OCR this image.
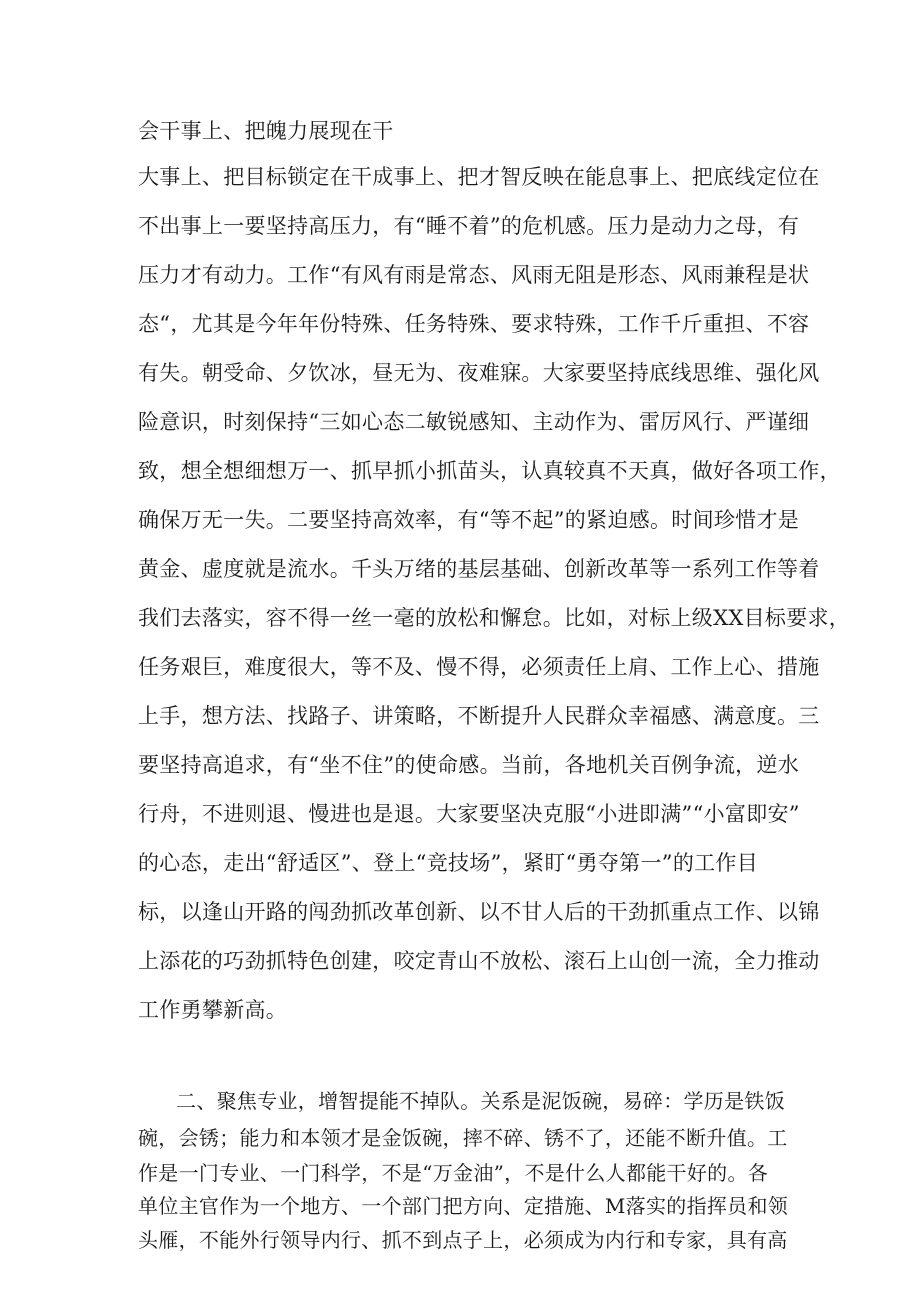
会干事上、把魄力展现在干
大事上、把目标锁定在干成事上、把才智反映在能息事上、把底线定位在
不出事上一要坚持高压力，有“睡不着”的危机感。压力是动力之母，有
压力才有动力。工作“有风有雨是常态、风雨无阻是形态、风雨兼程是状
态“，尤其是今年年份特殊、任务特殊、要求特殊，工作千斤重担、不容
有失。朝受命、夕饮冰，昼无为、夜难寐。大家要坚持底线思维、强化风
险意识，时刻保持“三如心态二敏锐感知、主动作为、雷厉风行、严谨细
致，想全想细想万一、抓早抓小抓苗头，认真较真不天真，做好各项工作，
确保万无一失。二要坚持高效率，有“等不起”的紧迫感。时间珍惜才是
黄金、虚度就是流水。千头万绪的基层基础、创新改革等一系列工作等着
我们去落实，容不得一丝一毫的放松和懈怠。比如，对标上级XX目标要求，
任务艰巨，难度很大，等不及、慢不得，必须责任上肩、工作上心、措施
上手，想方法、找路子、讲策略，不断提升人民群众幸福感、满意度。三
要坚持高追求，有“坐不住”的使命感。当前，各地机关百例争流，逆水
行舟，不进则退、慢进也是退。大家要坚决克服“小进即满”“小富即安”
的心态，走出“舒适区”、登上“竞技场”，紧盯“勇夺第一”的工作目
标，以逢山开路的闯劲抓改革创新、以不甘人后的干劲抓重点工作、以锦
上添花的巧劲抓特色创建，咬定青山不放松、滚石上山创一流，全力推动
工作勇攀新高。
二、聚焦专业，增智提能不掉队。关系是泥饭碗，易碎：学历是铁饭
碗，会锈；能力和本领才是金饭碗，摔不碎、锈不了，还能不断升值。工
作是一门专业、一门科学，不是“万金油”，不是什么人都能干好的。各
单位主官作为一个地方、一个部门把方向、定措施、M落实的指挥员和领
头雁，不能外行领导内行、抓不到点子上，必须成为内行和专家，具有高
